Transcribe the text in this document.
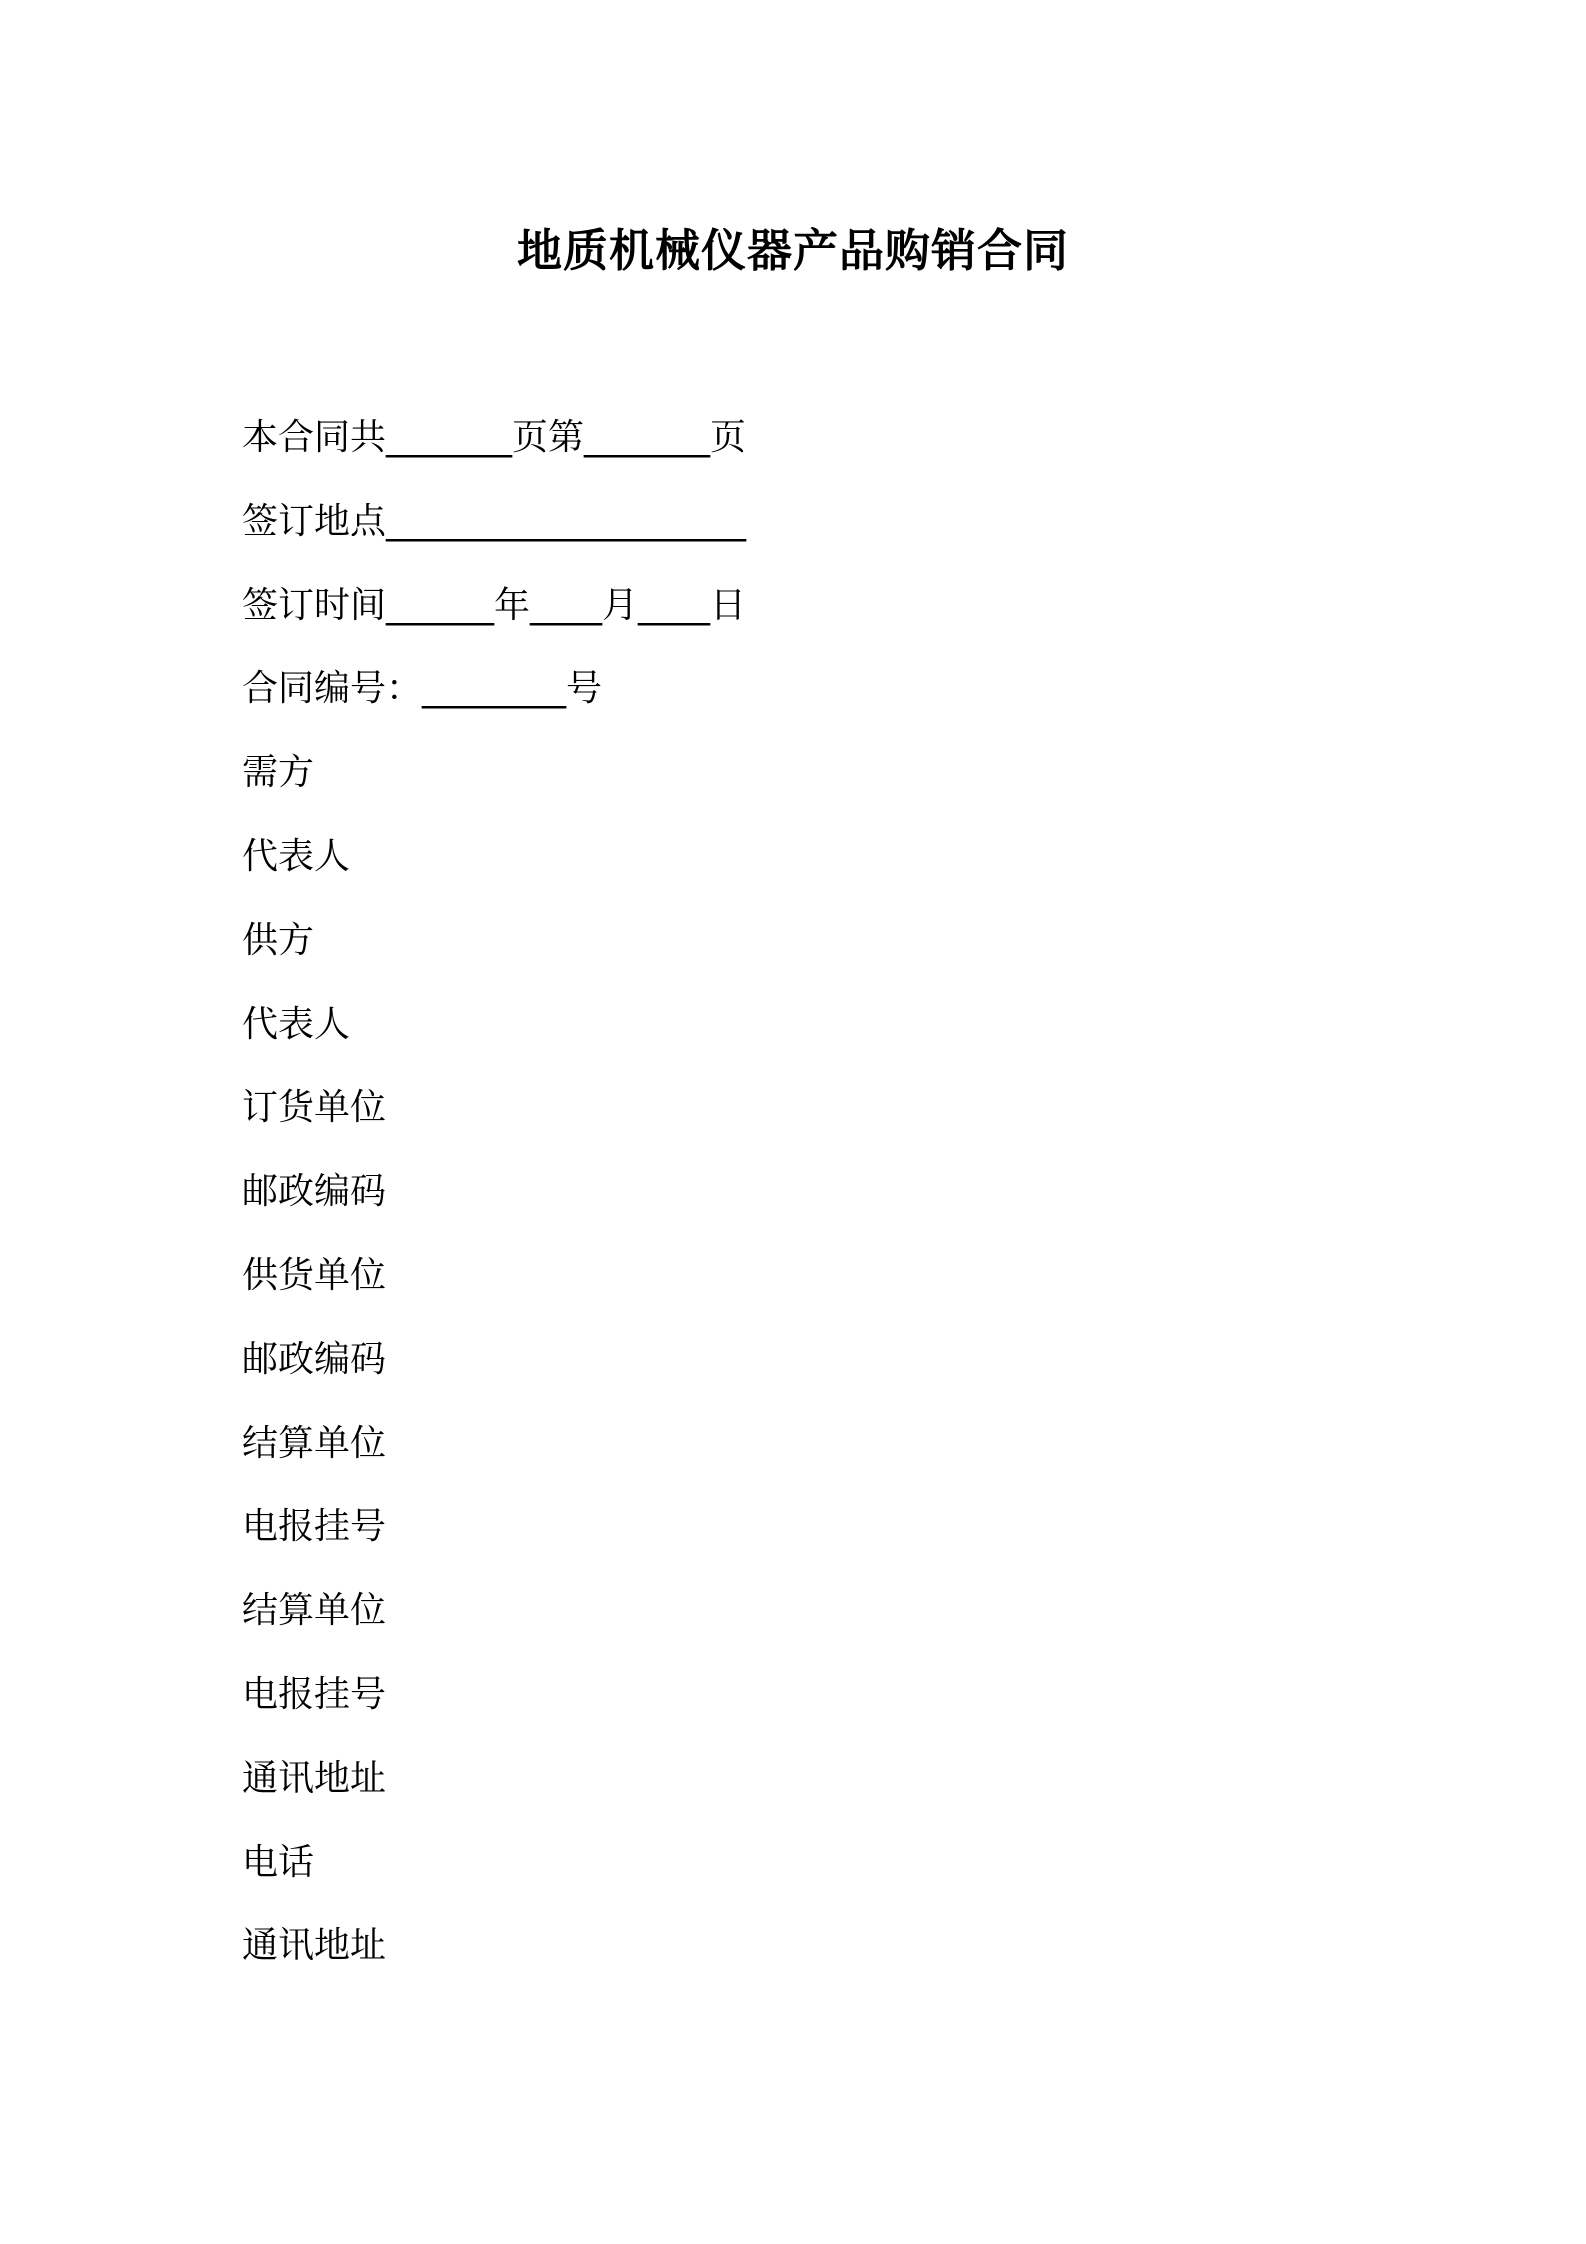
地质机械仪器产品购销合同
本合同共_______页第_______页
签订地点____________________
签订时间______年____月____日
合同编号：________号
需方
代表人
供方
代表人
订货单位
邮政编码
供货单位
邮政编码
结算单位
电报挂号
结算单位
电报挂号
通讯地址
电话
通讯地址
